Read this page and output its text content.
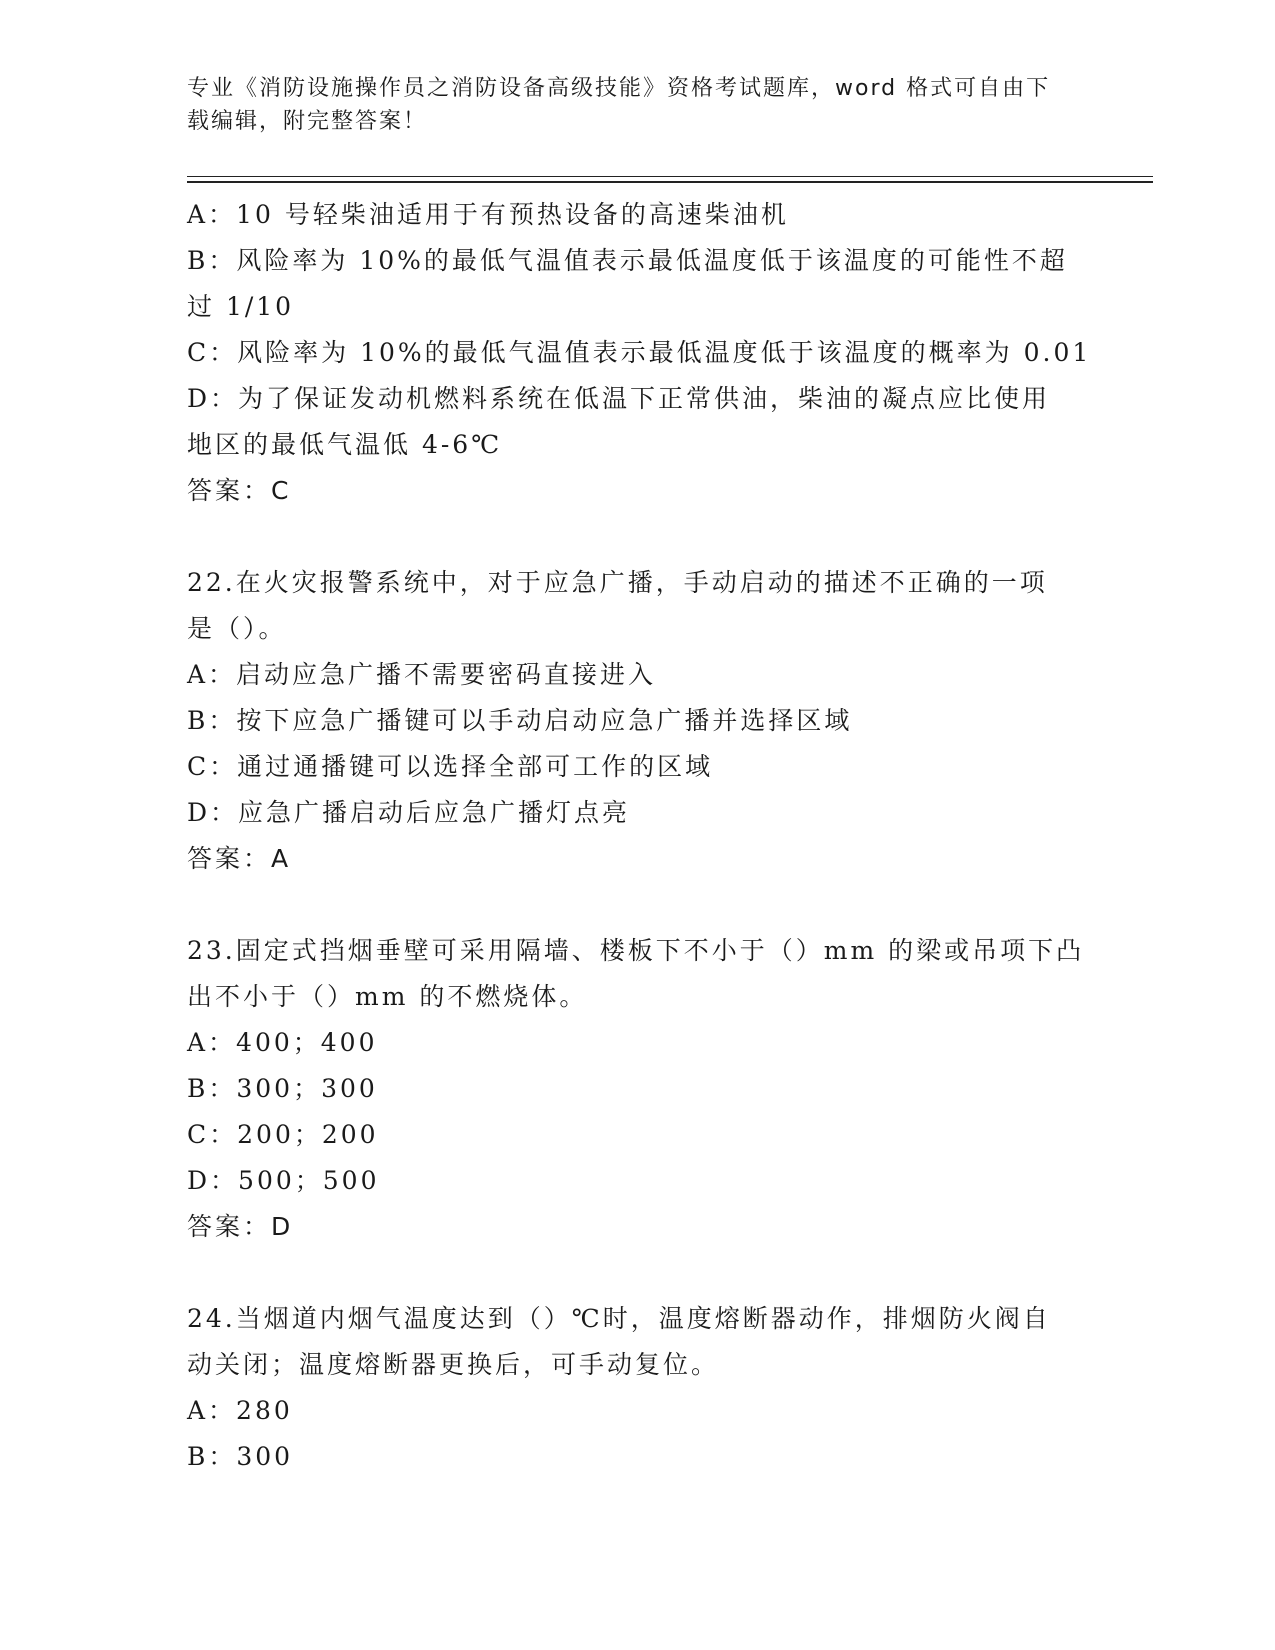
专业《消防设施操作员之消防设备高级技能》资格考试题库，word 格式可自由下
载编辑，附完整答案！
A：10 号轻柴油适用于有预热设备的高速柴油机
B：风险率为 10%的最低气温值表示最低温度低于该温度的可能性不超
过 1/10
C：风险率为 10%的最低气温值表示最低温度低于该温度的概率为 0.01
D：为了保证发动机燃料系统在低温下正常供油，柴油的凝点应比使用
地区的最低气温低 4-6℃
答案：C
22.在火灾报警系统中，对于应急广播，手动启动的描述不正确的一项
是（）。
A：启动应急广播不需要密码直接进入
B：按下应急广播键可以手动启动应急广播并选择区域
C：通过通播键可以选择全部可工作的区域
D：应急广播启动后应急广播灯点亮
答案：A
23.固定式挡烟垂壁可采用隔墙、楼板下不小于（）mm 的梁或吊项下凸
出不小于（）mm 的不燃烧体。
A：400；400
B：300；300
C：200；200
D：500；500
答案：D
24.当烟道内烟气温度达到（）℃时，温度熔断器动作，排烟防火阀自
动关闭；温度熔断器更换后，可手动复位。
A：280
B：300
